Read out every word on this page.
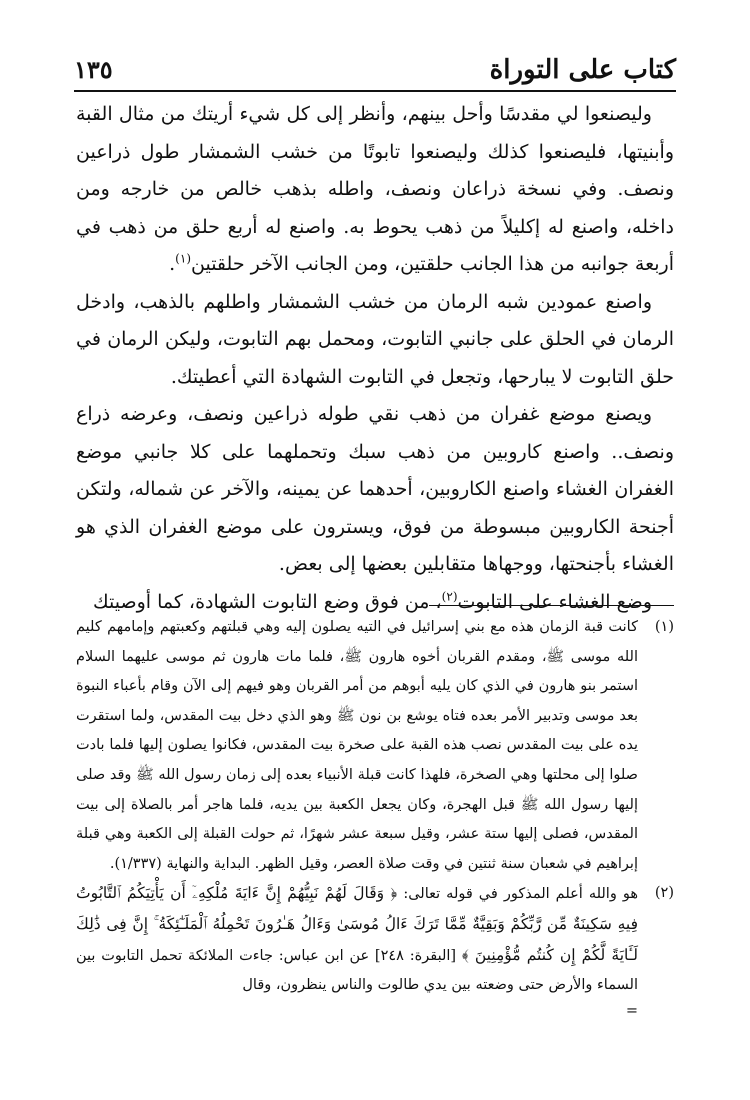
كتاب على التوراة
١٣٥

وليصنعوا لي مقدسًا وأحل بينهم، وأنظر إلى كل شيء أريتك من مثال القبة وأبنيتها، فليصنعوا كذلك وليصنعوا تابوتًا من خشب الشمشار طول ذراعين ونصف. وفي نسخة ذراعان ونصف، واطله بذهب خالص من خارجه ومن داخله، واصنع له إكليلاً من ذهب يحوط به. واصنع له أربع حلق من ذهب في أربعة جوانبه من هذا الجانب حلقتين، ومن الجانب الآخر حلقتين$^{(١)}$.

واصنع عمودين شبه الرمان من خشب الشمشار واطلهم بالذهب، وادخل الرمان في الحلق على جانبي التابوت، ومحمل بهم التابوت، وليكن الرمان في حلق التابوت لا يبارحها، وتجعل في التابوت الشهادة التي أعطيتك.

ويصنع موضع غفران من ذهب نقي طوله ذراعين ونصف، وعرضه ذراع ونصف.. واصنع كاروبين من ذهب سبك وتحملهما على كلا جانبي موضع الغفران الغشاء واصنع الكاروبين، أحدهما عن يمينه، والآخر عن شماله، ولتكن أجنحة الكاروبين مبسوطة من فوق، ويسترون على موضع الغفران الذي هو الغشاء بأجنحتها، ووجهاها متقابلين بعضها إلى بعض.

وضع الغشاء على التابوت$^{(٢)}$، من فوق وضع التابوت الشهادة، كما أوصيتك

(١)
كانت قبة الزمان هذه مع بني إسرائيل في التيه يصلون إليه وهي قبلتهم وكعبتهم وإمامهم كليم الله موسى ﷺ، ومقدم القربان أخوه هارون ﷺ، فلما مات هارون ثم موسى عليهما السلام استمر بنو هارون في الذي كان يليه أبوهم من أمر القربان وهو فيهم إلى الآن وقام بأعباء النبوة بعد موسى وتدبير الأمر بعده فتاه يوشع بن نون ﷺ وهو الذي دخل بيت المقدس، ولما استقرت يده على بيت المقدس نصب هذه القبة على صخرة بيت المقدس، فكانوا يصلون إليها فلما بادت صلوا إلى محلتها وهي الصخرة، فلهذا كانت قبلة الأنبياء بعده إلى زمان رسول الله ﷺ وقد صلى إليها رسول الله ﷺ قبل الهجرة، وكان يجعل الكعبة بين يديه، فلما هاجر أمر بالصلاة إلى بيت المقدس، فصلى إليها ستة عشر، وقيل سبعة عشر شهرًا، ثم حولت القبلة إلى الكعبة وهي قبلة إبراهيم في شعبان سنة ثنتين في وقت صلاة العصر، وقيل الظهر. البداية والنهاية (١/٣٣٧).

(٢)
هو والله أعلم المذكور في قوله تعالى: ﴿ وَقَالَ لَهُمْ نَبِيُّهُمْ إِنَّ ءَايَةَ مُلْكِهِۦٓ أَن يَأْتِيَكُمُ ٱلتَّابُوتُ فِيهِ سَكِينَةٌ مِّن رَّبِّكُمْ وَبَقِيَّةٌ مِّمَّا تَرَكَ ءَالُ مُوسَىٰ وَءَالُ هَـٰرُونَ تَحْمِلُهُ ٱلْمَلَـٰٓئِكَةُ ۚ إِنَّ فِى ذَٰلِكَ لَـَٔايَةً لَّكُمْ إِن كُنتُم مُّؤْمِنِينَ ﴾ [البقرة: ٢٤٨] عن ابن عباس: جاءت الملائكة تحمل التابوت بين السماء والأرض حتى وضعته بين يدي طالوت والناس ينظرون، وقال
=
